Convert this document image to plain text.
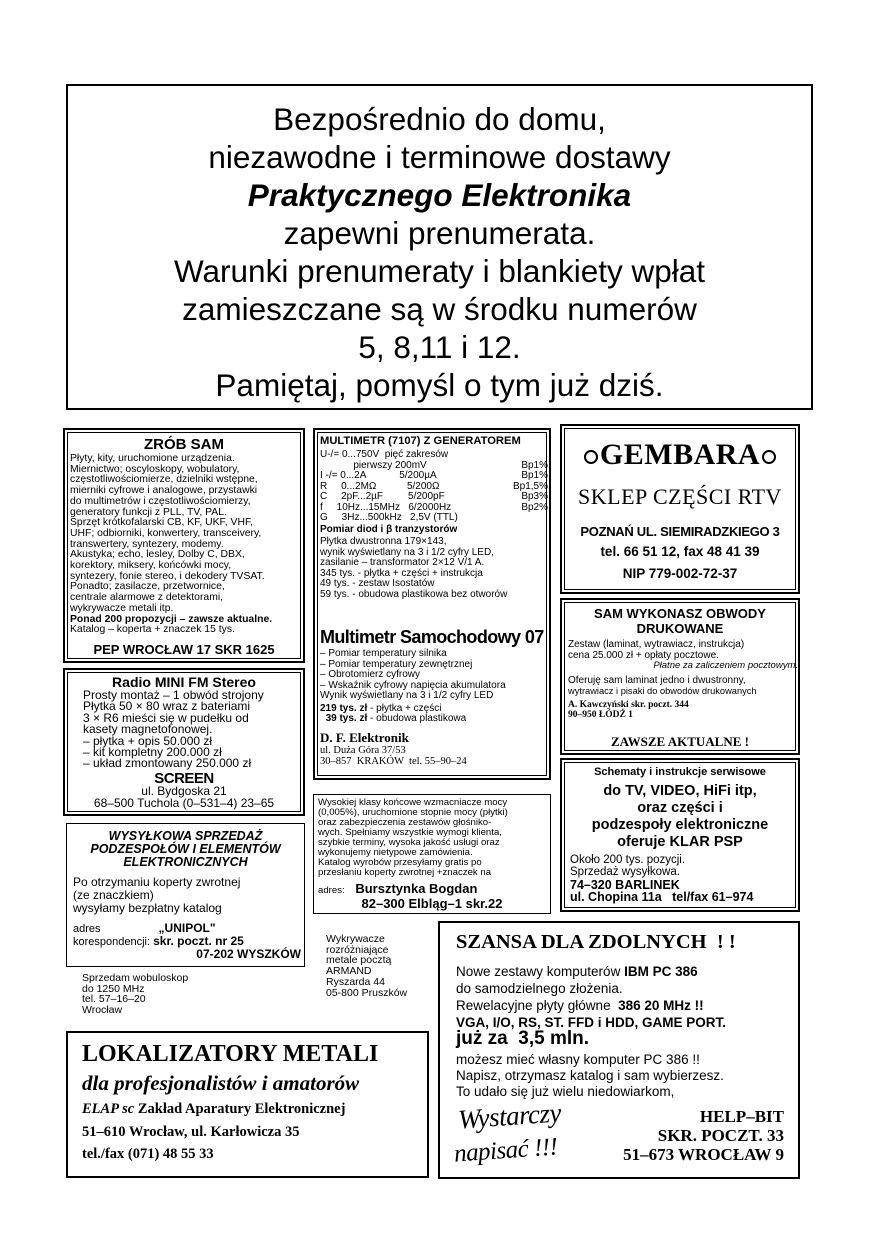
Bezpośrednio do domu,
niezawodne i terminowe dostawy
Praktycznego Elektronika
zapewni prenumerata.
Warunki prenumeraty i blankiety wpłat
zamieszczane są w środku numerów
5, 8,11 i 12.
Pamiętaj, pomyśl o tym już dziś.
ZRÓB SAM
Płyty, kity, uruchomione urządzenia.
Miernictwo; oscyloskopy, wobulatory,
częstotliwościomierze, dzielniki wstępne,
mierniki cyfrowe i analogowe, przystawki
do multimetrów i częstotliwościomierzy,
generatory funkcji z PLL, TV, PAL.
Sprzęt krótkofalarski CB, KF, UKF, VHF,
UHF; odbiorniki, konwertery, transceivery,
transwertery, syntezery, modemy.
Akustyka; echo, lesley, Dolby C, DBX,
korektory, miksery, końcówki mocy,
syntezery, fonie stereo, i dekodery TVSAT.
Ponadto; zasilacze, przetwornice,
centrale alarmowe z detektorami,
wykrywacze metali itp.
Ponad 200 propozycji – zawsze aktualne.
Katalog – koperta + znaczek 15 tys.
PEP WROCŁAW 17 SKR 1625
MULTIMETR (7107) Z GENERATOREM
U-/= 0...750V  pięć zakresów
pierwszy 200mV	Bp1%
I -/= 0...2A            5/200µA	Bp1%
R     0...2MΩ           5/200Ω	Bp1,5%
C     2pF...2µF         5/200pF	Bp3%
f     10Hz...15MHz   6/2000Hz	Bp2%
G     3Hz...500kHz   2,5V (TTL)
Pomiar diod i β tranzystorów
Płytka dwustronna 179×143,
wynik wyświetlany na 3 i 1/2 cyfry LED,
zasilanie – transformator 2×12 V/1 A.
345 tys. - płytka + części + instrukcja
49 tys. - zestaw Isostatów
59 tys. - obudowa plastikowa bez otworów
Multimetr Samochodowy 07
– Pomiar temperatury silnika
– Pomiar temperatury zewnętrznej
– Obrotomierz cyfrowy
– Wskaźnik cyfrowy napięcia akumulatora
Wynik wyświetlany na 3 i 1/2 cyfry LED
219 tys. zł - płytka + części
39 tys. zł - obudowa plastikowa
D. F. Elektronik
ul. Duża Góra 37/53
30–857  KRAKÓW  tel. 55–90–24
GEMBARA
SKLEP CZĘŚCI RTV
POZNAŃ UL. SIEMIRADZKIEGO 3
tel. 66 51 12, fax 48 41 39
NIP 779-002-72-37
SAM WYKONASZ OBWODY
DRUKOWANE
Zestaw (laminat, wytrawiacz, instrukcja)
cena 25.000 zł + opłaty pocztowe.
Płatne za zaliczeniem pocztowym.
Oferuję sam laminat jedno i dwustronny,
wytrawiacz i pisaki do obwodów drukowanych
A. Kawczyński skr. poczt. 344
90–950 ŁÓDŹ 1
ZAWSZE AKTUALNE !
Radio MINI FM Stereo
Prosty montaż – 1 obwód strojony
Płytka 50 × 80 wraz z bateriami
3 × R6 mieści się w pudełku od
kasety magnetofonowej.
– płytka + opis 50.000 zł
– kit kompletny 200.000 zł
– układ zmontowany 250.000 zł
SCREEN
ul. Bydgoska 21
68–500 Tuchola (0–531–4) 23–65	Wysokiej klasy końcowe wzmacniacze mocy
(0,005%), uruchomione stopnie mocy (płytki)
oraz zabezpieczenia zestawów głośniko-
wych. Spełniamy wszystkie wymogi klienta,
szybkie terminy, wysoka jakość usługi oraz
wykonujemy nietypowe zamówienia.
Katalog wyrobów przesyłamy gratis po
przesłaniu koperty zwrotnej +znaczek na
adres: Bursztynka Bogdan
82–300 Elbląg–1 skr.22
Schematy i instrukcje serwisowe
do TV, VIDEO, HiFi itp,
oraz części i
podzespoły elektroniczne
oferuje KLAR PSP
Około 200 tys. pozycji.
Sprzedaż wysyłkowa.
74–320 BARLINEK
ul. Chopina 11a tel/fax 61–974
WYSYŁKOWA SPRZEDAŻ
PODZESPOŁÓW I ELEMENTÓW
ELEKTRONICZNYCH
Po otrzymaniu koperty zwrotnej
(ze znaczkiem)
wysyłamy bezpłatny katalog
adres	„UNIPOL"
korespondencji: skr. poczt. nr 25
07-202 WYSZKÓW
Wykrywacze
rozróżniające
metale pocztą
ARMAND
Ryszarda 44
05-800 Pruszków
Sprzedam wobuloskop
do 1250 MHz
tel. 57–16–20
Wrocław
SZANSA DLA ZDOLNYCH  ! !
Nowe zestawy komputerów IBM PC 386
do samodzielnego złożenia.
Rewelacyjne płyty główne  386 20 MHz !!
VGA, I/O, RS, ST. FFD i HDD, GAME PORT.
już za  3,5 mln.
możesz mieć własny komputer PC 386 !!
Napisz, otrzymasz katalog i sam wybierzesz.
To udało się już wielu niedowiarkom,
Wystarczy
napisać !!!
HELP–BIT
SKR. POCZT. 33
51–673 WROCŁAW 9
LOKALIZATORY METALI
dla profesjonalistów i amatorów
ELAP sc Zakład Aparatury Elektronicznej
51–610 Wrocław, ul. Karłowicza 35
tel./fax (071) 48 55 33
